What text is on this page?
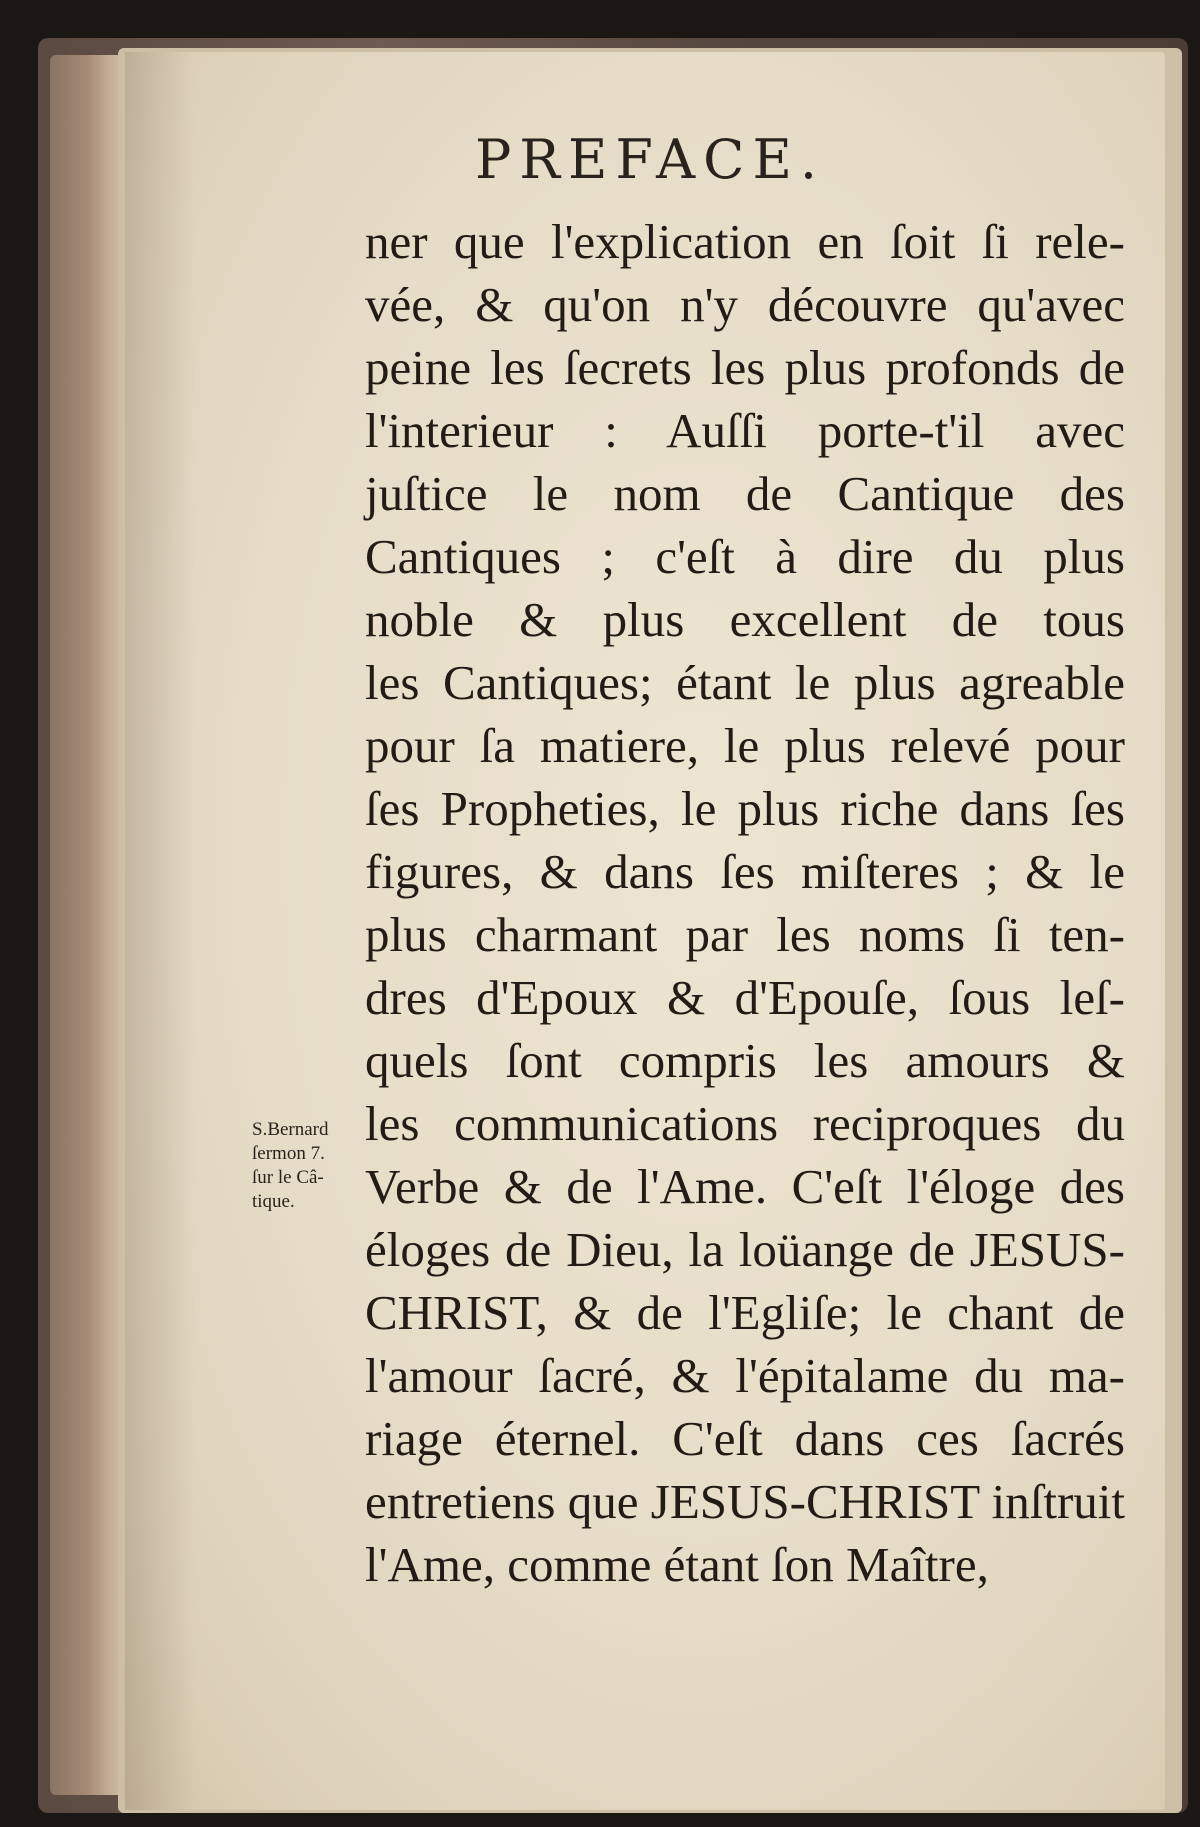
PREFACE.
ner que l'explication en ſoit ſi rele-
vée, & qu'on n'y découvre qu'avec
peine les ſecrets les plus profonds de
l'interieur : Auſſi porte-t'il avec
juſtice le nom de Cantique des
Cantiques ; c'eſt à dire du plus
noble & plus excellent de tous
les Cantiques; étant le plus agreable
pour ſa matiere, le plus relevé pour
ſes Propheties, le plus riche dans ſes
figures, & dans ſes miſteres ; & le
plus charmant par les noms ſi ten-
dres d'Epoux & d'Epouſe, ſous leſ-
quels ſont compris les amours &
les communications reciproques du
Verbe & de l'Ame. C'eſt l'éloge des
éloges de Dieu, la loüange de JESUS-
CHRIST, & de l'Egliſe; le chant de
l'amour ſacré, & l'épitalame du ma-
riage éternel. C'eſt dans ces ſacrés
entretiens que JESUS-CHRIST inſtruit
l'Ame, comme étant ſon Maître,
S.Bernard
ſermon 7.
ſur le Câ-
tique.
